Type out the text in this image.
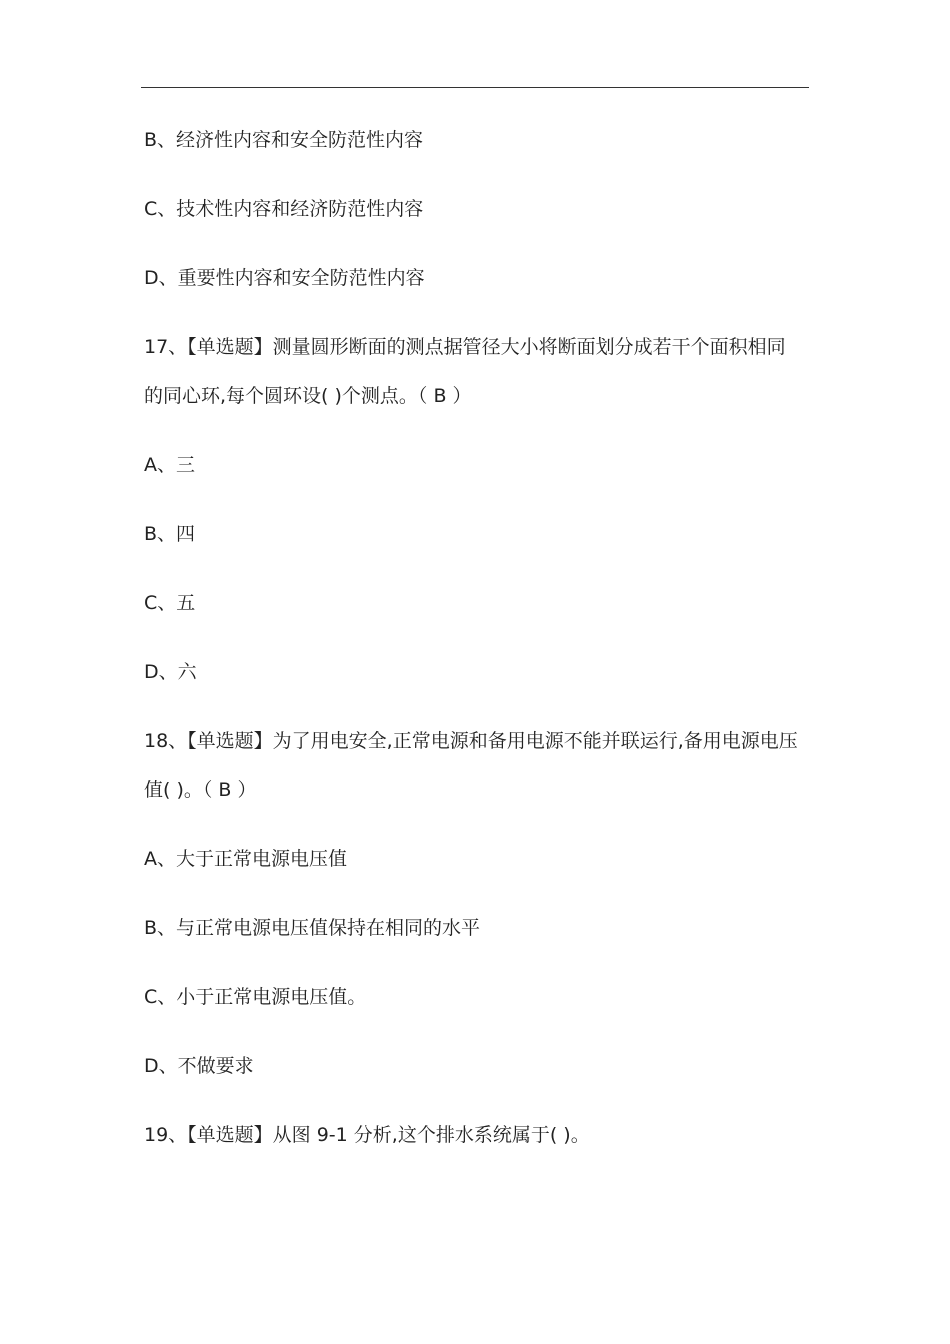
B、经济性内容和安全防范性内容
C、技术性内容和经济防范性内容
D、重要性内容和安全防范性内容
17、【单选题】测量圆形断面的测点据管径大小将断面划分成若干个面积相同
的同心环,每个圆环设( )个测点。（ B ）
A、三
B、四
C、五
D、六
18、【单选题】为了用电安全,正常电源和备用电源不能并联运行,备用电源电压
值( )。（ B ）
A、大于正常电源电压值
B、与正常电源电压值保持在相同的水平
C、小于正常电源电压值。
D、不做要求
19、【单选题】从图 9-1 分析,这个排水系统属于( )。
